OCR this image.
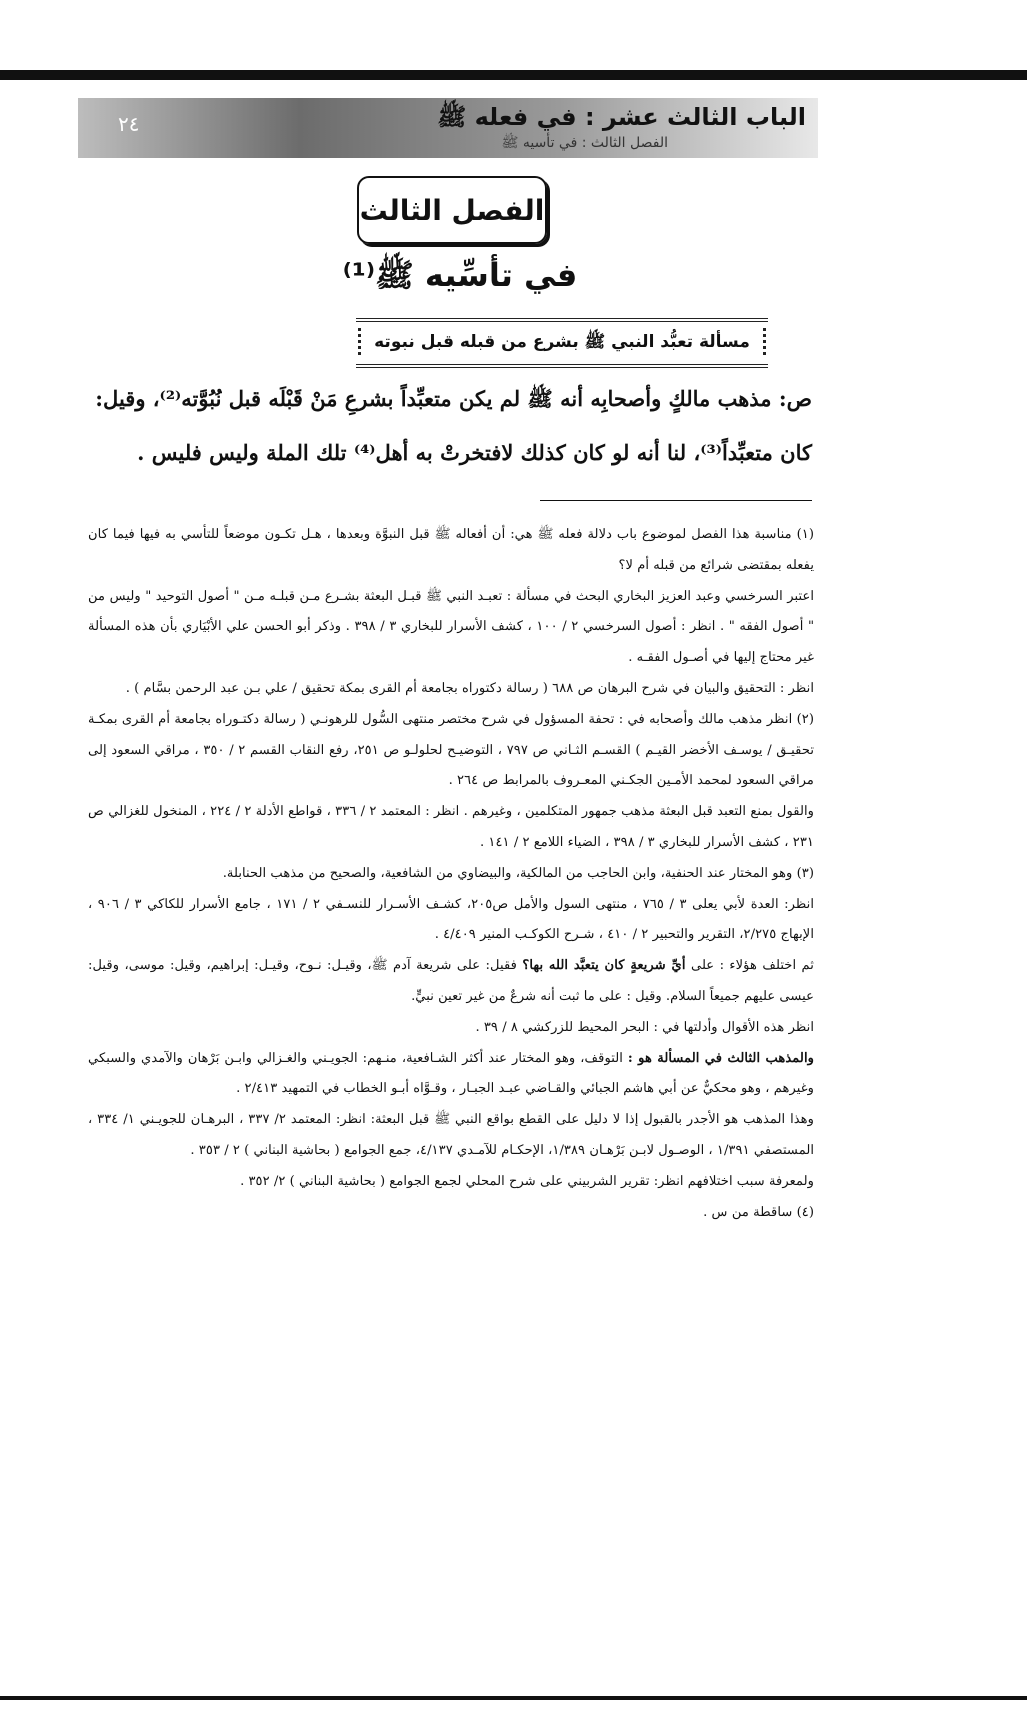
الباب الثالث عشر : في فعله ﷺ
الفصل الثالث : في تأسيه ﷺ
٢٤
الفصل الثالث
في تأسِّيه ﷺ⁽¹⁾
مسألة تعبُّد النبي ﷺ بشرع من قبله قبل نبوته

ص: مذهب مالكٍ وأصحابِه أنه ﷺ لم يكن متعبِّداً بشرعِ مَنْ قَبْلَه قبل نُبُوَّته⁽²⁾، وقيل:

كان متعبِّداً⁽³⁾، لنا أنه لو كان كذلك لافتخرتْ به أهل⁽⁴⁾ تلك الملة وليس فليس .

(١) مناسبة هذا الفصل لموضوع باب دلالة فعله ﷺ هي: أن أفعاله ﷺ قبل النبوَّة وبعدها ، هـل تكـون موضعاً للتأسي به فيها فيما كان يفعله بمقتضى شرائع من قبله أم لا؟

اعتبر السرخسي وعبد العزيز البخاري البحث في مسألة : تعبـد النبي ﷺ قبـل البعثة بشـرع مـن قبلـه مـن " أصول التوحيد " وليس من " أصول الفقه " . انظر : أصول السرخسي ٢ / ١٠٠ ، كشف الأسرار للبخاري ٣ / ٣٩٨ . وذكر أبو الحسن علي الأبْيَاري بأن هذه المسألة غير محتاج إليها في أصـول الفقـه .

انظر : التحقيق والبيان في شرح البرهان ص ٦٨٨ ( رسالة دكتوراه بجامعة أم القرى بمكة تحقيق / علي بـن عبد الرحمن بسَّام ) .

(٢) انظر مذهب مالك وأصحابه في : تحفة المسؤول في شرح مختصر منتهى السُّول للرهونـي ( رسالة دكتـوراه بجامعة أم القرى بمكـة تحقيـق / يوسـف الأخضر القيـم ) القسـم الثـاني ص ٧٩٧ ، التوضيـح لحلولـو ص ٢٥١، رفع النقاب القسم ٢ / ٣٥٠ ، مراقي السعود إلى مراقي السعود لمحمد الأمـين الجكـني المعـروف بالمرابط ص ٢٦٤ .

والقول بمنع التعبد قبل البعثة مذهب جمهور المتكلمين ، وغيرهم . انظر : المعتمد ٢ / ٣٣٦ ، قواطع الأدلة ٢ / ٢٢٤ ، المنخول للغزالي ص ٢٣١ ، كشف الأسرار للبخاري ٣ / ٣٩٨ ، الضياء اللامع ٢ / ١٤١ .

(٣) وهو المختار عند الحنفية، وابن الحاجب من المالكية، والبيضاوي من الشافعية، والصحيح من مذهب الحنابلة.

انظر: العدة لأبي يعلى ٣ / ٧٦٥ ، منتهى السول والأمل ص٢٠٥، كشـف الأسـرار للنسـفي ٢ / ١٧١ ، جامع الأسرار للكاكي ٣ / ٩٠٦ ، الإبهاج ٢/٢٧٥، التقرير والتحبير ٢ / ٤١٠ ، شـرح الكوكـب المنير ٤/٤٠٩ .

ثم اختلف هؤلاء : على أيِّ شريعةٍ كان يتعبَّد الله بها؟ فقيل: على شريعة آدم ﷺ، وقيـل: نـوح، وقيـل: إبراهيم، وقيل: موسى، وقيل: عيسى عليهم جميعاً السلام. وقيل : على ما ثبت أنه شرعٌ من غير تعين نبيٍّ.

انظر هذه الأقوال وأدلتها في : البحر المحيط للزركشي ٨ / ٣٩ .

والمذهب الثالث في المسألة هو : التوقف، وهو المختار عند أكثر الشـافعية، منـهم: الجويـني والغـزالي وابـن بَرْهان والآمدي والسبكي وغيرهم ، وهو محكيٌّ عن أبي هاشم الجبائي والقـاضي عبـد الجبـار ، وقـوَّاه أبـو الخطاب في التمهيد ٢/٤١٣ .

وهذا المذهب هو الأجدر بالقبول إذا لا دليل على القطع بواقع النبي ﷺ قبل البعثة: انظر: المعتمد ٢/ ٣٣٧ ، البرهـان للجويـني ١/ ٣٣٤ ، المستصفي ١/٣٩١ ، الوصـول لابـن بَرْهـان ١/٣٨٩، الإحكـام للآمـدي ٤/١٣٧، جمع الجوامع ( بحاشية البناني ) ٢ / ٣٥٣ .

ولمعرفة سبب اختلافهم انظر: تقرير الشربيني على شرح المحلي لجمع الجوامع ( بحاشية البناني ) ٢/ ٣٥٢ .

(٤) ساقطة من س .
